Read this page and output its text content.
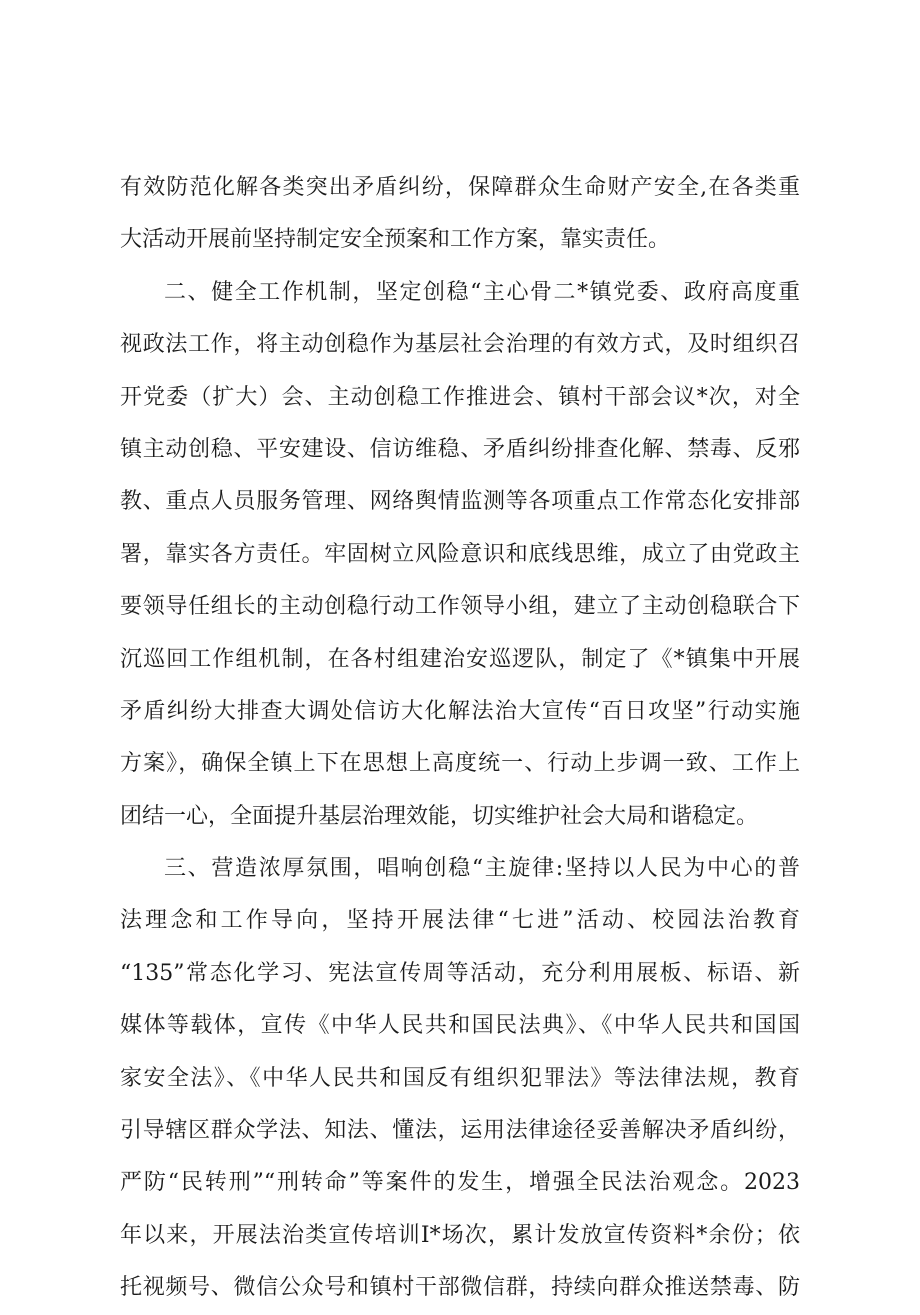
有效防范化解各类突出矛盾纠纷，保障群众生命财产安全,在各类重
大活动开展前坚持制定安全预案和工作方案，靠实责任。
二、健全工作机制，坚定创稳“主心骨二*镇党委、政府高度重
视政法工作，将主动创稳作为基层社会治理的有效方式，及时组织召
开党委（扩大）会、主动创稳工作推进会、镇村干部会议*次，对全
镇主动创稳、平安建设、信访维稳、矛盾纠纷排查化解、禁毒、反邪
教、重点人员服务管理、网络舆情监测等各项重点工作常态化安排部
署，靠实各方责任。牢固树立风险意识和底线思维，成立了由党政主
要领导任组长的主动创稳行动工作领导小组，建立了主动创稳联合下
沉巡回工作组机制，在各村组建治安巡逻队，制定了《*镇集中开展
矛盾纠纷大排查大调处信访大化解法治大宣传“百日攻坚”行动实施
方案》，确保全镇上下在思想上高度统一、行动上步调一致、工作上
团结一心，全面提升基层治理效能，切实维护社会大局和谐稳定。
三、营造浓厚氛围，唱响创稳“主旋律:坚持以人民为中心的普
法理念和工作导向，坚持开展法律“七进”活动、校园法治教育
“135”常态化学习、宪法宣传周等活动，充分利用展板、标语、新
媒体等载体，宣传《中华人民共和国民法典》、《中华人民共和国国
家安全法》、《中华人民共和国反有组织犯罪法》等法律法规，教育
引导辖区群众学法、知法、懂法，运用法律途径妥善解决矛盾纠纷，
严防“民转刑”“刑转命”等案件的发生，增强全民法治观念。2023
年以来，开展法治类宣传培训I*场次，累计发放宣传资料*余份；依
托视频号、微信公众号和镇村干部微信群，持续向群众推送禁毒、防
